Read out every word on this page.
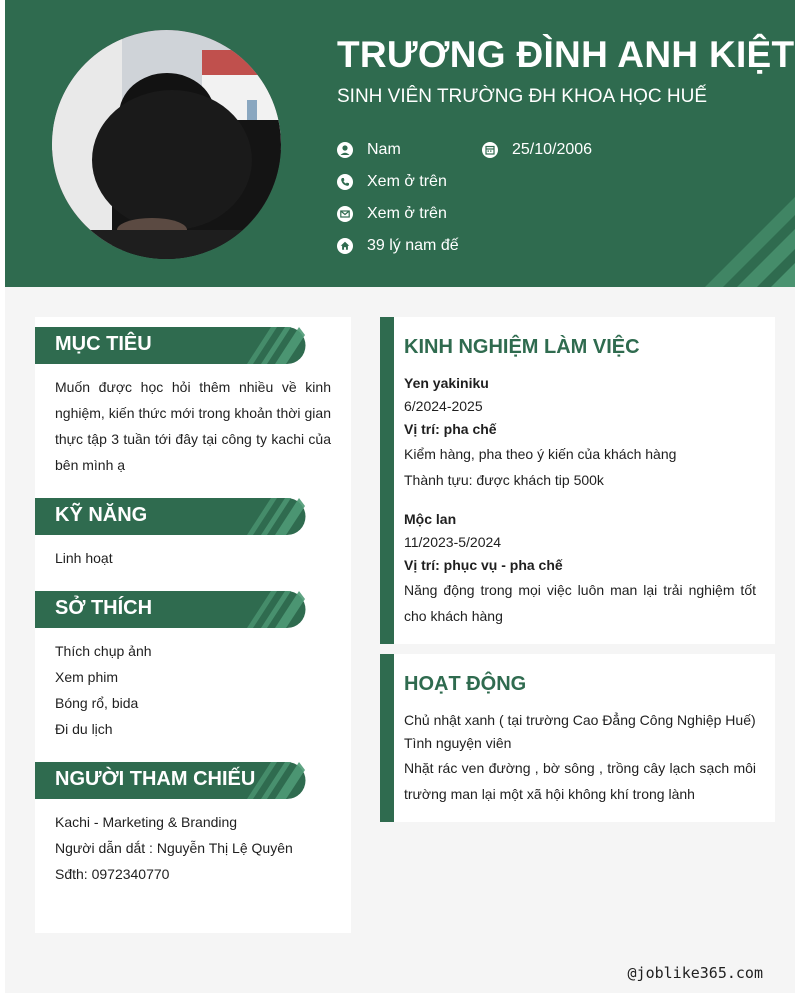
TRƯƠNG ĐÌNH ANH KIỆT
SINH VIÊN TRƯỜNG ĐH KHOA HỌC HUẾ
Nam	25/10/2006
Xem ở trên
Xem ở trên
39 lý nam đế
MỤC TIÊU
Muốn được học hỏi thêm nhiều về kinh nghiệm, kiến thức mới trong khoản thời gian thực tập 3 tuần tới đây tại công ty kachi của bên mình ạ
KỸ NĂNG
Linh hoạt
SỞ THÍCH
Thích chụp ảnh
Xem phim
Bóng rổ, bida
Đi du lịch
NGƯỜI THAM CHIẾU
Kachi - Marketing & Branding
Người dẫn dắt : Nguyễn Thị Lệ Quyên
Sđth: 0972340770
KINH NGHIỆM LÀM VIỆC
Yen yakiniku
6/2024-2025
Vị trí: pha chế
Kiểm hàng, pha theo ý kiến của khách hàng
Thành tựu: được khách tip 500k
Mộc lan
11/2023-5/2024
Vị trí: phục vụ - pha chế
Năng động trong mọi việc luôn man lại trải nghiệm tốt cho khách hàng
HOẠT ĐỘNG
Chủ nhật xanh ( tại trường Cao Đẳng Công Nghiệp Huế)
Tình nguyện viên
Nhặt rác ven đường , bờ sông , trồng cây lạch sạch môi trường man lại một xã hội không khí trong lành
@joblike365.com
